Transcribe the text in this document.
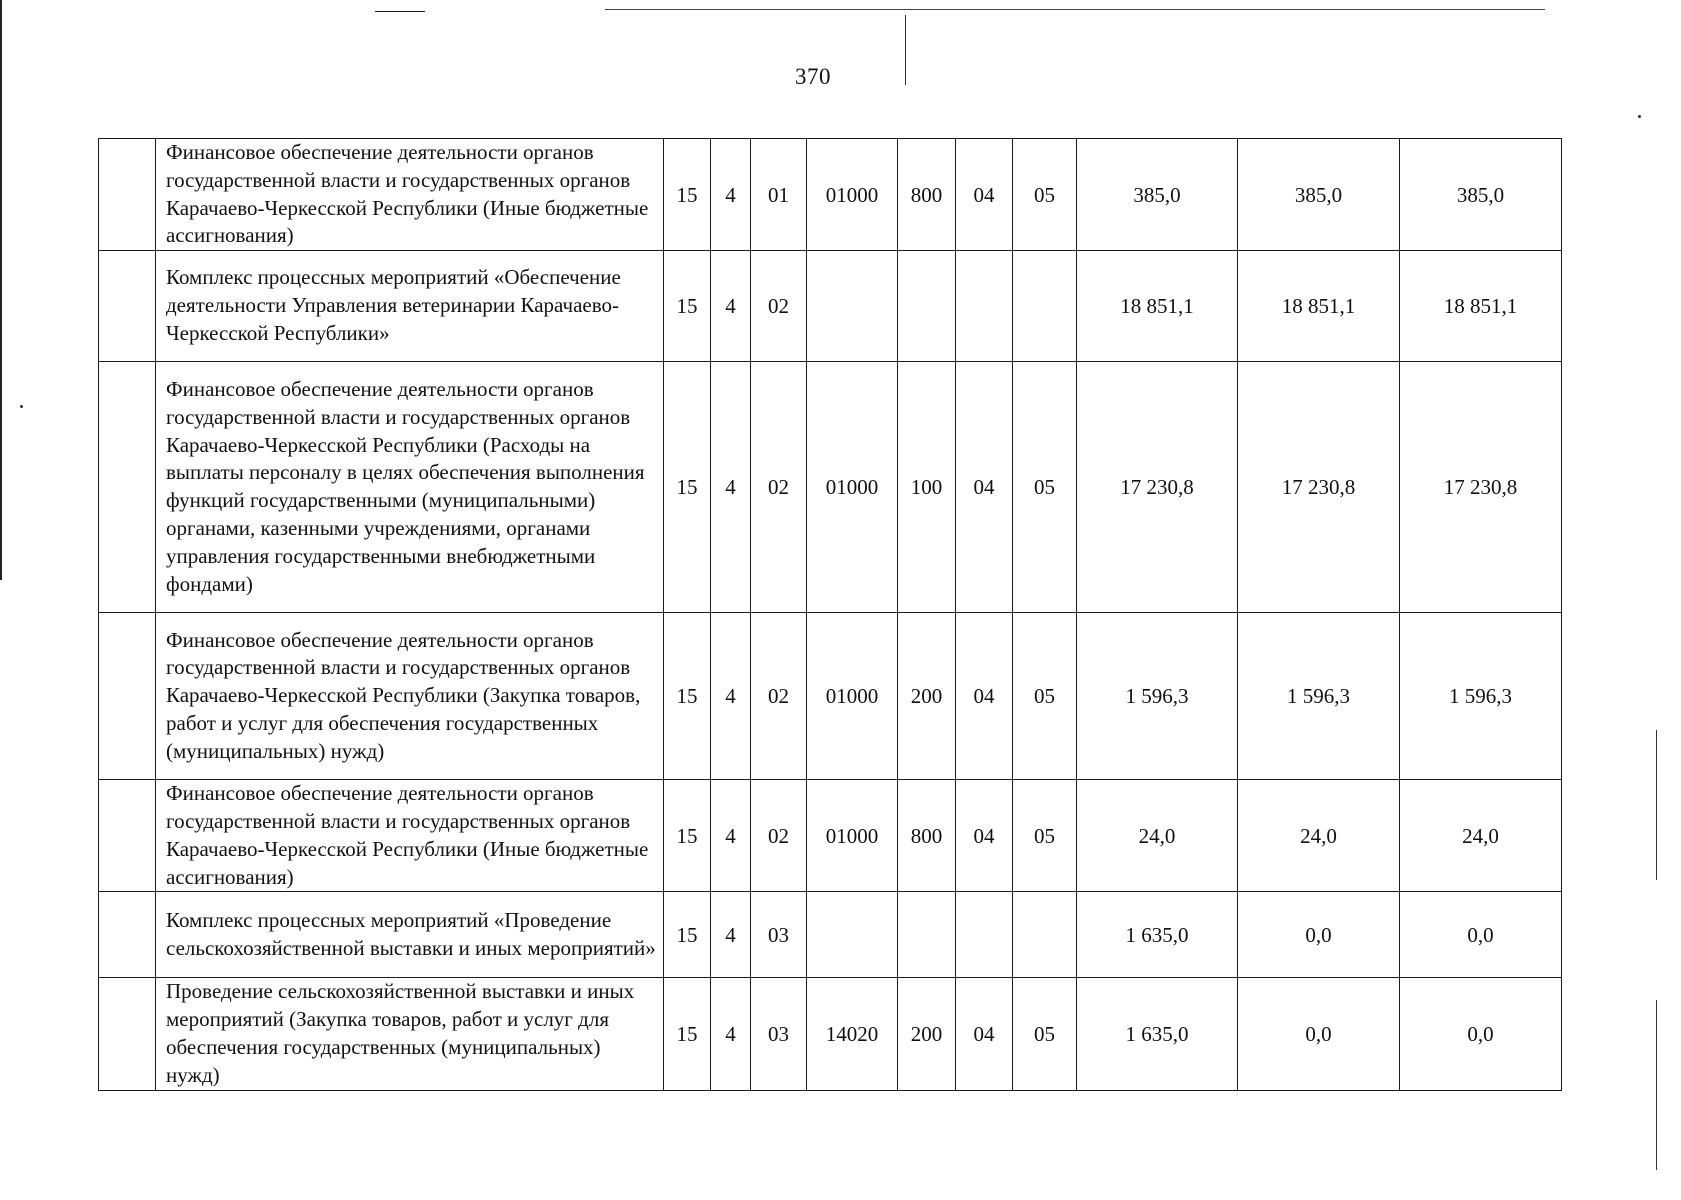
370
	Финансовое обеспечение деятельности органов государственной власти и государственных органов Карачаево-Черкесской Республики (Иные бюджетные ассигнования)	15	4	01	01000	800	04	05	385,0	385,0	385,0
	Комплекс процессных мероприятий «Обеспечение деятельности Управления ветеринарии Карачаево-Черкесской Республики»	15	4	02					18 851,1	18 851,1	18 851,1
	Финансовое обеспечение деятельности органов государственной власти и государственных органов Карачаево-Черкесской Республики (Расходы на выплаты персоналу в целях обеспечения выполнения функций государственными (муниципальными) органами, казенными учреждениями, органами управления государственными внебюджетными фондами)	15	4	02	01000	100	04	05	17 230,8	17 230,8	17 230,8
	Финансовое обеспечение деятельности органов государственной власти и государственных органов Карачаево-Черкесской Республики (Закупка товаров, работ и услуг для обеспечения государственных (муниципальных) нужд)	15	4	02	01000	200	04	05	1 596,3	1 596,3	1 596,3
	Финансовое обеспечение деятельности органов государственной власти и государственных органов Карачаево-Черкесской Республики (Иные бюджетные ассигнования)	15	4	02	01000	800	04	05	24,0	24,0	24,0
	Комплекс процессных мероприятий «Проведение сельскохозяйственной выставки и иных мероприятий»	15	4	03					1 635,0	0,0	0,0
	Проведение сельскохозяйственной выставки и иных мероприятий (Закупка товаров, работ и услуг для обеспечения государственных (муниципальных) нужд)	15	4	03	14020	200	04	05	1 635,0	0,0	0,0
